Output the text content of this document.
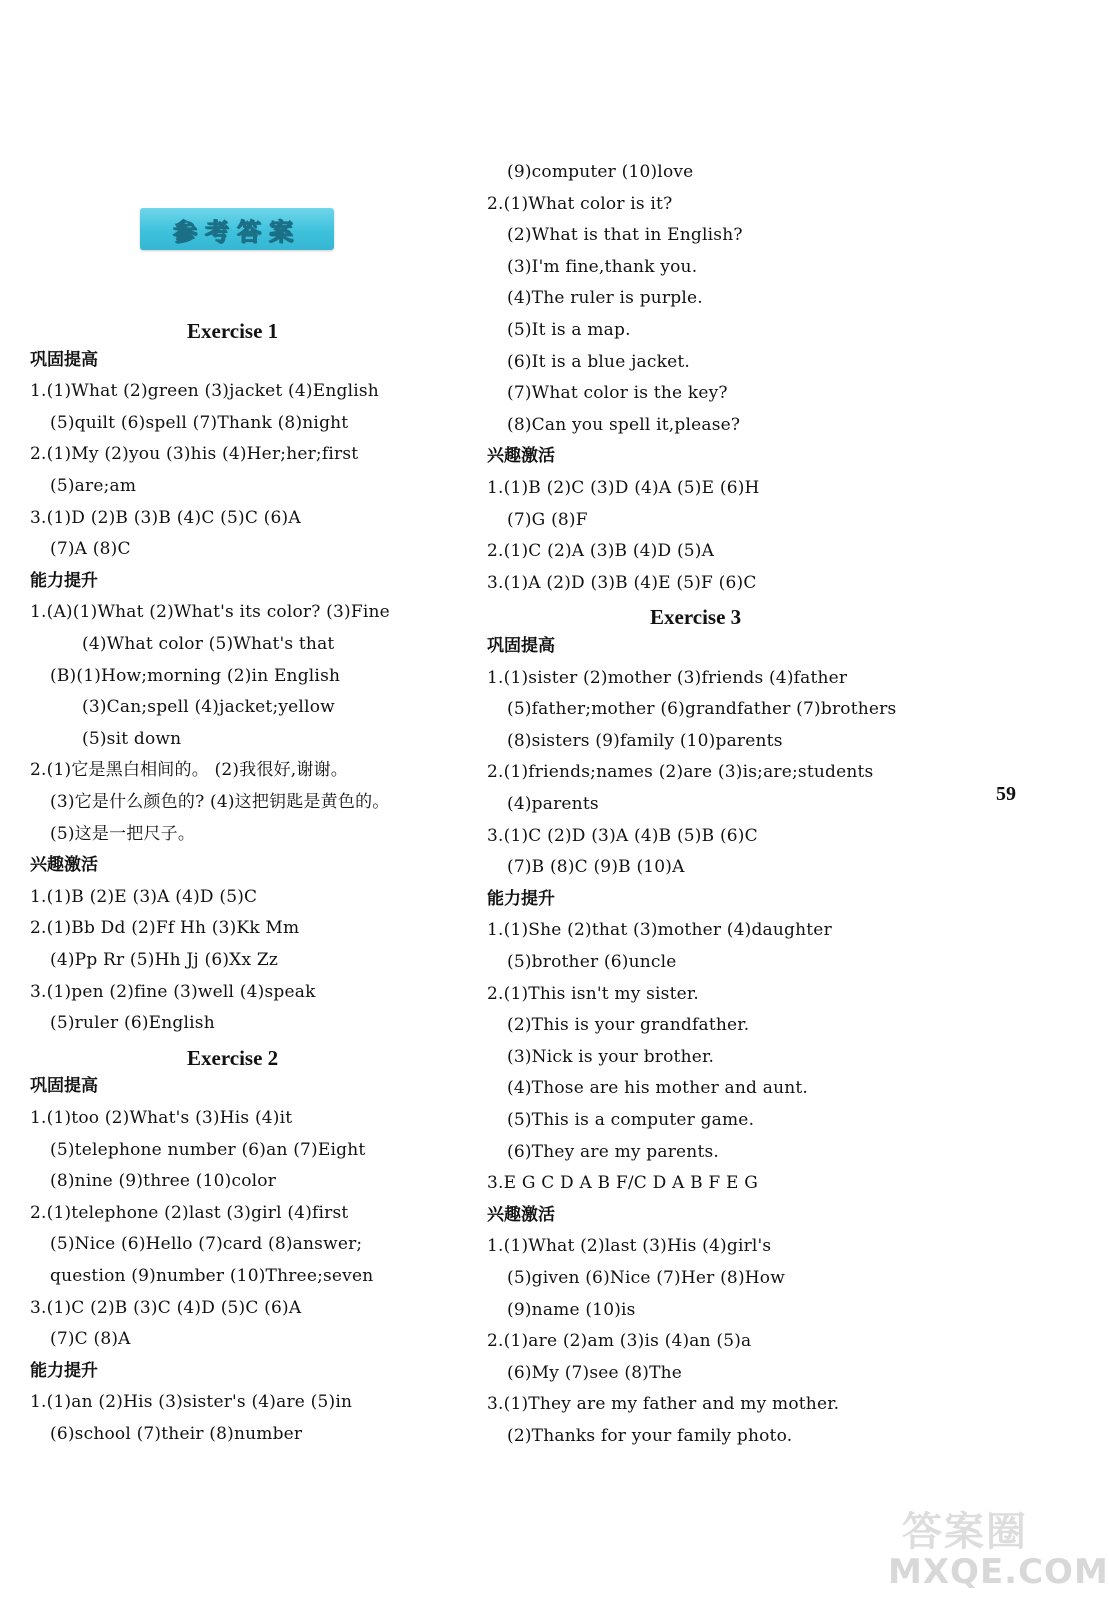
参考答案
Exercise 1
巩固提高
1.(1)What (2)green (3)jacket (4)English
(5)quilt (6)spell (7)Thank (8)night
2.(1)My (2)you (3)his (4)Her;her;first
(5)are;am
3.(1)D (2)B (3)B (4)C (5)C (6)A
(7)A (8)C
能力提升
1.(A)(1)What (2)What's its color? (3)Fine
(4)What color (5)What's that
(B)(1)How;morning (2)in English
(3)Can;spell (4)jacket;yellow
(5)sit down
2.(1)它是黑白相间的。 (2)我很好,谢谢。
(3)它是什么颜色的? (4)这把钥匙是黄色的。
(5)这是一把尺子。
兴趣激活
1.(1)B (2)E (3)A (4)D (5)C
2.(1)Bb Dd (2)Ff Hh (3)Kk Mm
(4)Pp Rr (5)Hh Jj (6)Xx Zz
3.(1)pen (2)fine (3)well (4)speak
(5)ruler (6)English
Exercise 2
巩固提高
1.(1)too (2)What's (3)His (4)it
(5)telephone number (6)an (7)Eight
(8)nine (9)three (10)color
2.(1)telephone (2)last (3)girl (4)first
(5)Nice (6)Hello (7)card (8)answer;
question (9)number (10)Three;seven
3.(1)C (2)B (3)C (4)D (5)C (6)A
(7)C (8)A
能力提升
1.(1)an (2)His (3)sister's (4)are (5)in
(6)school (7)their (8)number
(9)computer (10)love
2.(1)What color is it?
(2)What is that in English?
(3)I'm fine,thank you.
(4)The ruler is purple.
(5)It is a map.
(6)It is a blue jacket.
(7)What color is the key?
(8)Can you spell it,please?
兴趣激活
1.(1)B (2)C (3)D (4)A (5)E (6)H
(7)G (8)F
2.(1)C (2)A (3)B (4)D (5)A
3.(1)A (2)D (3)B (4)E (5)F (6)C
Exercise 3
巩固提高
1.(1)sister (2)mother (3)friends (4)father
(5)father;mother (6)grandfather (7)brothers
(8)sisters (9)family (10)parents
2.(1)friends;names (2)are (3)is;are;students
(4)parents
3.(1)C (2)D (3)A (4)B (5)B (6)C
(7)B (8)C (9)B (10)A
能力提升
1.(1)She (2)that (3)mother (4)daughter
(5)brother (6)uncle
2.(1)This isn't my sister.
(2)This is your grandfather.
(3)Nick is your brother.
(4)Those are his mother and aunt.
(5)This is a computer game.
(6)They are my parents.
3.E G C D A B F/C D A B F E G
兴趣激活
1.(1)What (2)last (3)His (4)girl's
(5)given (6)Nice (7)Her (8)How
(9)name (10)is
2.(1)are (2)am (3)is (4)an (5)a
(6)My (7)see (8)The
3.(1)They are my father and my mother.
(2)Thanks for your family photo.
59
答案圈
MXQE.COM
